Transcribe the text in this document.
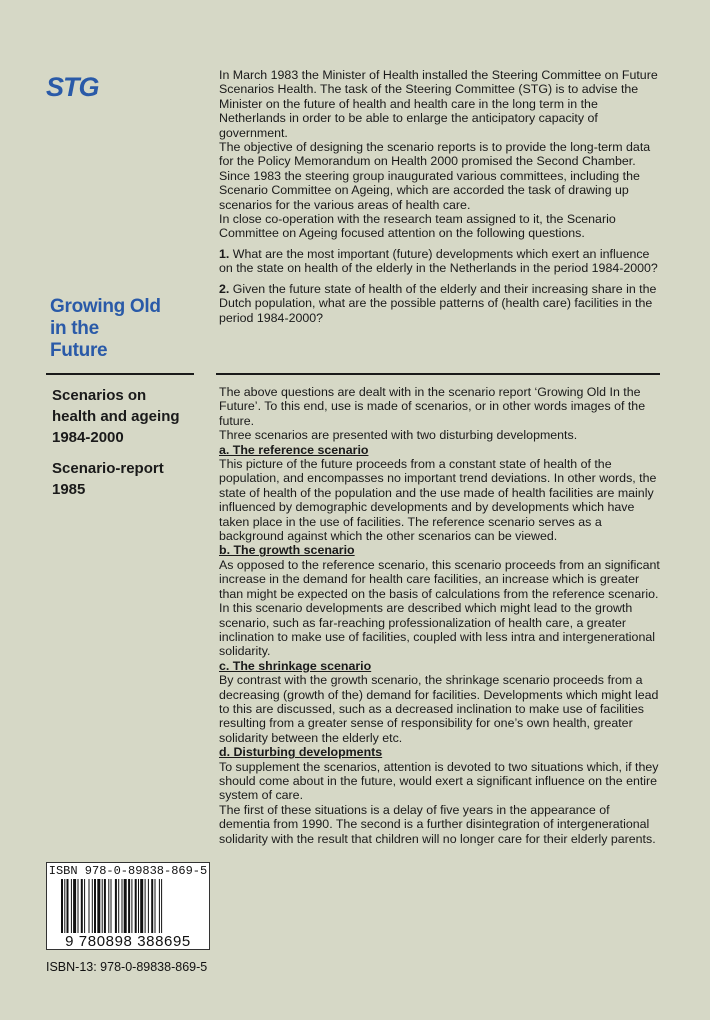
STG
Growing Old
in the
Future
Scenarios on
health and ageing
1984-2000
Scenario-report
1985

In March 1983 the Minister of Health installed the Steering Committee on Future Scenarios Health. The task of the Steering Committee (STG) is to advise the Minister on the future of health and health care in the long term in the Netherlands in order to be able to enlarge the anticipatory capacity of government.

The objective of designing the scenario reports is to provide the long-term data for the Policy Memorandum on Health 2000 promised the Second Chamber.

Since 1983 the steering group inaugurated various committees, including the Scenario Committee on Ageing, which are accorded the task of drawing up scenarios for the various areas of health care.

In close co-operation with the research team assigned to it, the Scenario Committee on Ageing focused attention on the following questions.

1. What are the most important (future) developments which exert an influence on the state on health of the elderly in the Netherlands in the period 1984-2000?

2. Given the future state of health of the elderly and their increasing share in the Dutch population, what are the possible patterns of (health care) facilities in the period 1984-2000?

The above questions are dealt with in the scenario report ‘Growing Old In the Future’. To this end, use is made of scenarios, or in other words images of the future.

Three scenarios are presented with two disturbing developments.

a. The reference scenario

This picture of the future proceeds from a constant state of health of the population, and encompasses no important trend deviations. In other words, the state of health of the population and the use made of health facilities are mainly influenced by demographic developments and by developments which have taken place in the use of facilities. The reference scenario serves as a background against which the other scenarios can be viewed.

b. The growth scenario

As opposed to the reference scenario, this scenario proceeds from an significant increase in the demand for health care facilities, an increase which is greater than might be expected on the basis of calculations from the reference scenario. In this scenario developments are described which might lead to the growth scenario, such as far-reaching professionalization of health care, a greater inclination to make use of facilities, coupled with less intra and intergenerational solidarity.

c. The shrinkage scenario

By contrast with the growth scenario, the shrinkage scenario proceeds from a decreasing (growth of the) demand for facilities. Developments which might lead to this are discussed, such as a decreased inclination to make use of facilities resulting from a greater sense of responsibility for one’s own health, greater solidarity between the elderly etc.

d. Disturbing developments

To supplement the scenarios, attention is devoted to two situations which, if they should come about in the future, would exert a significant influence on the entire system of care.

The first of these situations is a delay of five years in the appearance of dementia from 1990. The second is a further disintegration of intergenerational solidarity with the result that children will no longer care for their elderly parents.

ISBN 978-0-89838-869-5
9 780898 388695
ISBN-13: 978-0-89838-869-5
